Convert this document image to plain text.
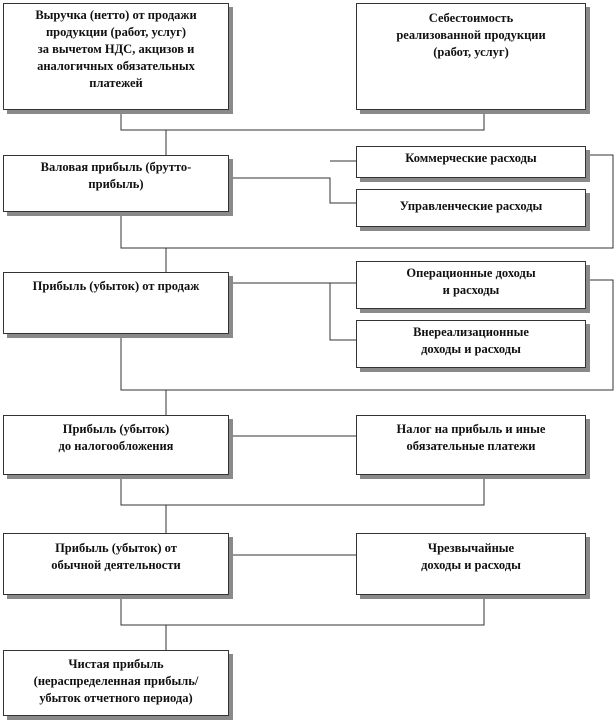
Выручка (нетто) от продажи
продукции (работ, услуг)
за вычетом НДС, акцизов и
аналогичных обязательных
платежей
Себестоимость
реализованной продукции
(работ, услуг)
Валовая прибыль (брутто-
прибыль)
Коммерческие расходы
Управленческие расходы
Прибыль (убыток) от продаж
Операционные доходы
и расходы
Внереализационные
доходы и расходы
Прибыль (убыток)
до налогообложения
Налог на прибыль и иные
обязательные платежи
Прибыль (убыток) от
обычной деятельности
Чрезвычайные
доходы и расходы
Чистая прибыль
(нераспределенная прибыль/
убыток отчетного периода)
